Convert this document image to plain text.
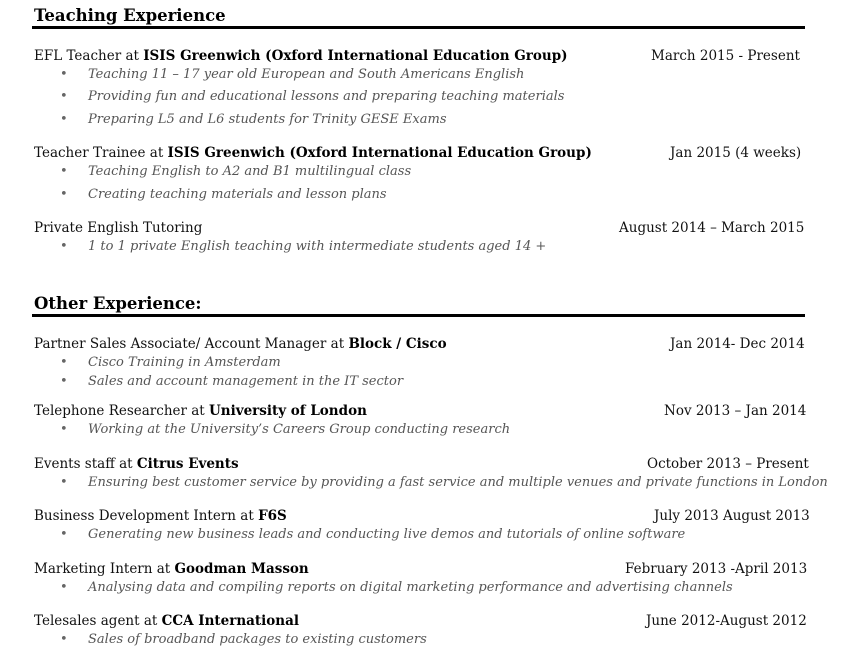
Teaching Experience
EFL Teacher at ISIS Greenwich (Oxford International Education Group)	March 2015 - Present
• Teaching 11 – 17 year old European and South Americans English
• Providing fun and educational lessons and preparing teaching materials
• Preparing L5 and L6 students for Trinity GESE Exams
Teacher Trainee at ISIS Greenwich (Oxford International Education Group)	Jan 2015 (4 weeks)
• Teaching English to A2 and B1 multilingual class
• Creating teaching materials and lesson plans
Private English Tutoring	August 2014 – March 2015
• 1 to 1 private English teaching with intermediate students aged 14 +
Other Experience:
Partner Sales Associate/ Account Manager at Block / Cisco	Jan 2014- Dec 2014
• Cisco Training in Amsterdam
• Sales and account management in the IT sector
Telephone Researcher at University of London	Nov 2013 – Jan 2014
• Working at the University’s Careers Group conducting research
Events staff at Citrus Events	October 2013 – Present
• Ensuring best customer service by providing a fast service and multiple venues and private functions in London
Business Development Intern at F6S	July 2013 August 2013
• Generating new business leads and conducting live demos and tutorials of online software
Marketing Intern at Goodman Masson	February 2013 -April 2013
• Analysing data and compiling reports on digital marketing performance and advertising channels
Telesales agent at CCA International	June 2012-August 2012
• Sales of broadband packages to existing customers
